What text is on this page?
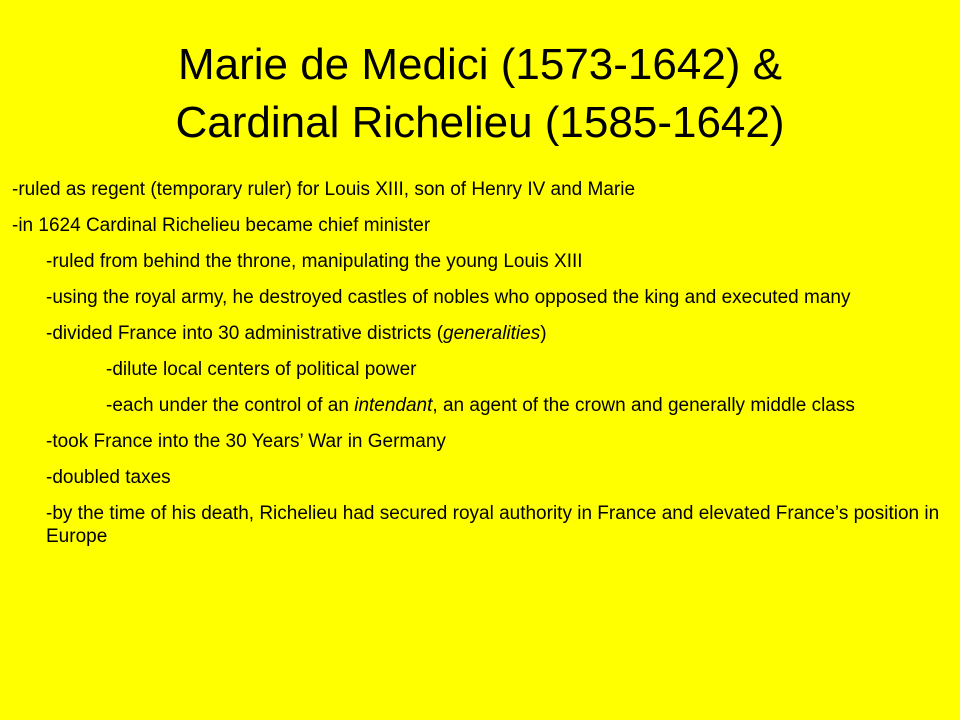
Marie de Medici (1573-1642) &
Cardinal Richelieu (1585-1642)
-ruled as regent (temporary ruler) for Louis XIII, son of Henry IV and Marie
-in 1624 Cardinal Richelieu became chief minister
-ruled from behind the throne, manipulating the young Louis XIII
-using the royal army, he destroyed castles of nobles who opposed the king and executed many
-divided France into 30 administrative districts (generalities)
-dilute local centers of political power
-each under the control of an intendant, an agent of the crown and generally middle class
-took France into the 30 Years’ War in Germany
-doubled taxes
-by the time of his death, Richelieu had secured royal authority in France and elevated France’s position in Europe
